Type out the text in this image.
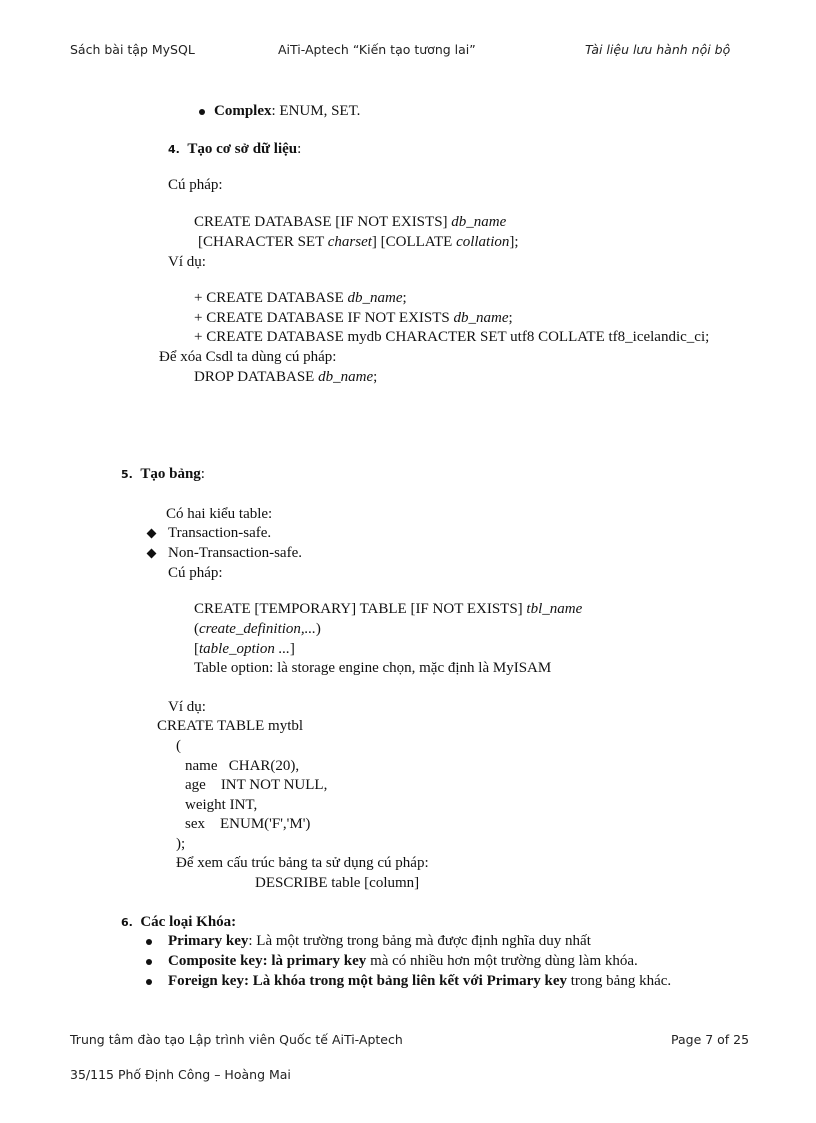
Sách bài tập MySQL	AiTi-Aptech “Kiến tạo tương lai”	Tài liệu lưu hành nội bộ
Complex: ENUM, SET.
4. Tạo cơ sở dữ liệu:
Cú pháp:
CREATE DATABASE [IF NOT EXISTS] db_name
[CHARACTER SET charset] [COLLATE collation];
Ví dụ:
+ CREATE DATABASE db_name;
+ CREATE DATABASE IF NOT EXISTS db_name;
+ CREATE DATABASE mydb CHARACTER SET utf8 COLLATE tf8_icelandic_ci;
Để xóa Csdl ta dùng cú pháp:
DROP DATABASE db_name;
5. Tạo bảng:
Có hai kiểu table:
Transaction-safe.
Non-Transaction-safe.
Cú pháp:
CREATE [TEMPORARY] TABLE [IF NOT EXISTS] tbl_name
(create_definition,...)
[table_option ...]
Table option: là storage engine chọn, mặc định là MyISAM
Ví dụ:
CREATE TABLE mytbl
(
name   CHAR(20),
age    INT NOT NULL,
weight INT,
sex    ENUM('F','M')
);
Để xem cấu trúc bảng ta sử dụng cú pháp:
DESCRIBE table [column]
6. Các loại Khóa:
Primary key: Là một trường trong bảng mà được định nghĩa duy nhất
Composite key: là primary key mà có nhiều hơn một trường dùng làm khóa.
Foreign key: Là khóa trong một bảng liên kết với Primary key trong bảng khác.
Trung tâm đào tạo Lập trình viên Quốc tế AiTi-Aptech	Page 7 of 25
35/115 Phố Định Công – Hoàng Mai
